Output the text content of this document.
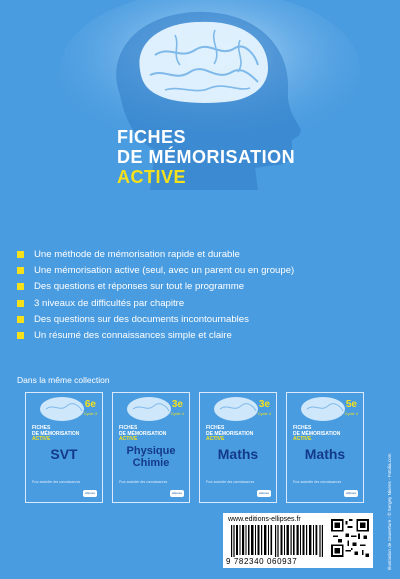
FICHES
DE MÉMORISATION
ACTIVE
Une méthode de mémorisation rapide et durable
Une mémorisation active (seul, avec un parent ou en groupe)
Des questions et réponses sur tout le programme
3 niveaux de difficultés par chapitre
Des questions sur des documents incontournables
Un résumé des connaissances simple et claire
Dans la même collection
6e
Cycle 3
FICHES
DE MÉMORISATION
ACTIVE
SVT
Pour assimiler des connaissances
ellipses
3e
Cycle 4
FICHES
DE MÉMORISATION
ACTIVE
Physique Chimie
Pour assimiler des connaissances
ellipses
3e
Cycle 4
FICHES
DE MÉMORISATION
ACTIVE
Maths
Pour assimiler des connaissances
ellipses
5e
Cycle 4
FICHES
DE MÉMORISATION
ACTIVE
Maths
Pour assimiler des connaissances
ellipses
www.editions-ellipses.fr
9 782340 060937	Illustration de couverture : © Sergey Nivens - Fotolia.com
